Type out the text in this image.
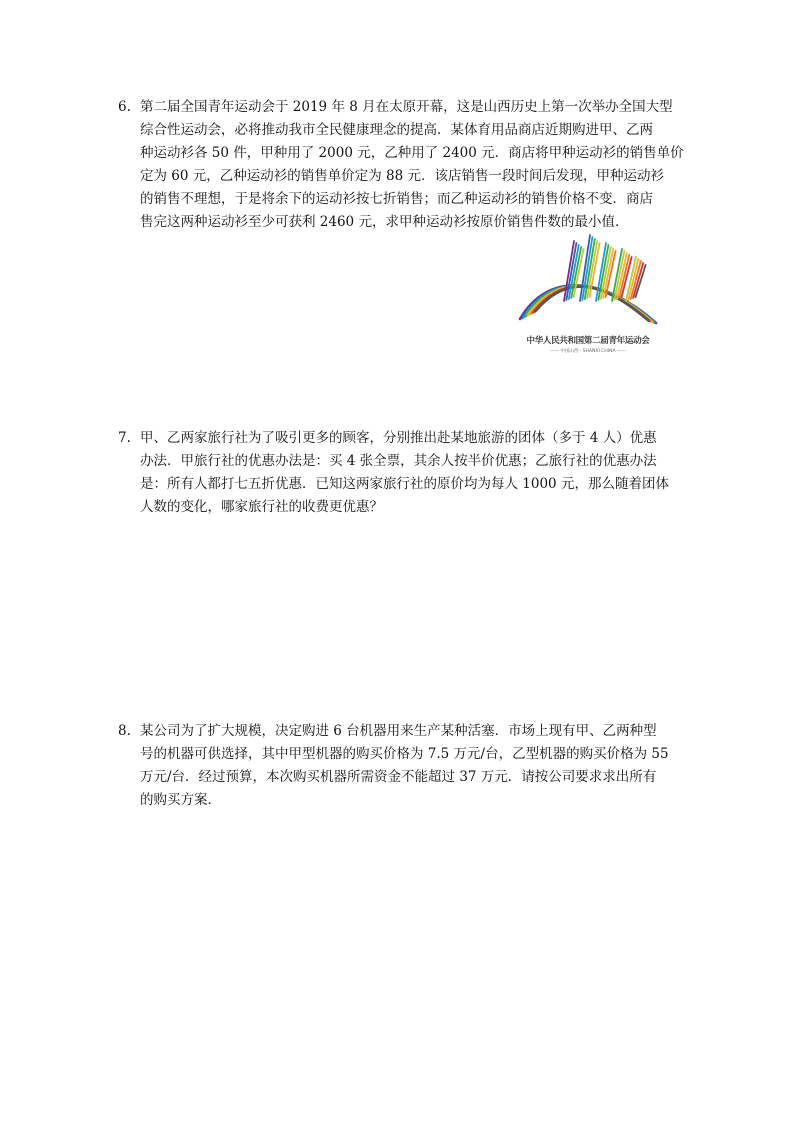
6. 第二届全国青年运动会于 2019 年 8 月在太原开幕，这是山西历史上第一次举办全国大型
综合性运动会，必将推动我市全民健康理念的提高．某体育用品商店近期购进甲、乙两
种运动衫各 50 件，甲种用了 2000 元，乙种用了 2400 元．商店将甲种运动衫的销售单价
定为 60 元，乙种运动衫的销售单价定为 88 元．该店销售一段时间后发现，甲种运动衫
的销售不理想，于是将余下的运动衫按七折销售；而乙种运动衫的销售价格不变．商店
售完这两种运动衫至少可获利 2460 元，求甲种运动衫按原价销售件数的最小值．
中华人民共和国第二届青年运动会
—— 中国山西 · SHANXI CHINA ——
7. 甲、乙两家旅行社为了吸引更多的顾客，分别推出赴某地旅游的团体（多于 4 人）优惠
办法．甲旅行社的优惠办法是：买 4 张全票，其余人按半价优惠；乙旅行社的优惠办法
是：所有人都打七五折优惠．已知这两家旅行社的原价均为每人 1000 元，那么随着团体
人数的变化，哪家旅行社的收费更优惠？
8. 某公司为了扩大规模，决定购进 6 台机器用来生产某种活塞．市场上现有甲、乙两种型
号的机器可供选择，其中甲型机器的购买价格为 7.5 万元/台，乙型机器的购买价格为 55
万元/台．经过预算，本次购买机器所需资金不能超过 37 万元．请按公司要求求出所有
的购买方案．
